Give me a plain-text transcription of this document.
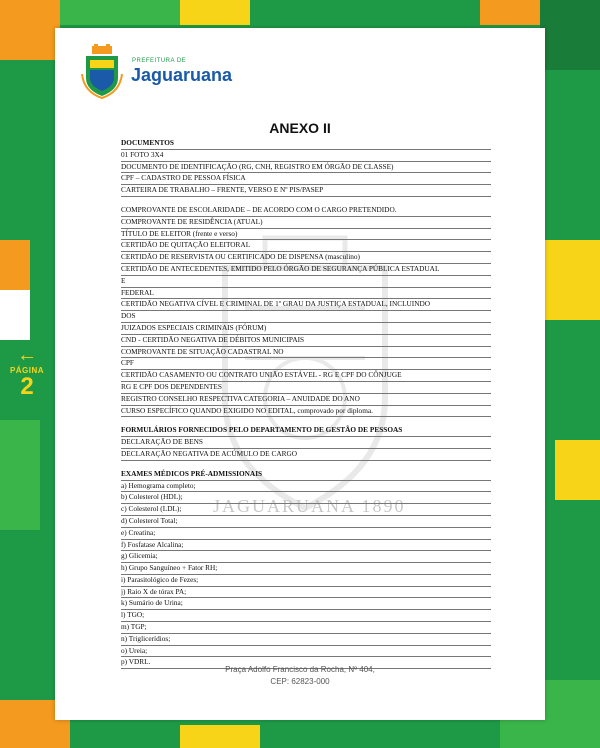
←
PÁGINA
2
PREFEITURA DE
Jaguaruana
JAGUARUANA 1890
ANEXO II
DOCUMENTOS
01 FOTO 3X4
DOCUMENTO DE IDENTIFICAÇÃO (RG, CNH, REGISTRO EM ÓRGÃO DE CLASSE)
CPF – CADASTRO DE PESSOA FÍSICA
CARTEIRA DE TRABALHO – FRENTE, VERSO E Nº PIS/PASEP
COMPROVANTE DE ESCOLARIDADE – DE ACORDO COM O CARGO PRETENDIDO.
COMPROVANTE DE RESIDÊNCIA (ATUAL)
TÍTULO DE ELEITOR (frente e verso)
CERTIDÃO DE QUITAÇÃO ELEITORAL
CERTIDÃO DE RESERVISTA OU CERTIFICADO DE DISPENSA (masculino)
CERTIDÃO DE ANTECEDENTES, EMITIDO PELO ÓRGÃO DE SEGURANÇA PÚBLICA ESTADUAL
E
FEDERAL
CERTIDÃO NEGATIVA CÍVEL E CRIMINAL DE 1º GRAU DA JUSTIÇA ESTADUAL, INCLUINDO
DOS
JUIZADOS ESPECIAIS CRIMINAIS (FÓRUM)
CND - CERTIDÃO NEGATIVA DE DÉBITOS MUNICIPAIS
COMPROVANTE DE SITUAÇÃO CADASTRAL NO
CPF
CERTIDÃO CASAMENTO OU CONTRATO UNIÃO ESTÁVEL - RG E CPF DO CÔNJUGE
RG E CPF DOS DEPENDENTES
REGISTRO CONSELHO RESPECTIVA CATEGORIA – ANUIDADE DO ANO
CURSO ESPECÍFICO QUANDO EXIGIDO NO EDITAL, comprovado por diploma.
FORMULÁRIOS FORNECIDOS PELO DEPARTAMENTO DE GESTÃO DE PESSOAS
DECLARAÇÃO DE BENS
DECLARAÇÃO NEGATIVA DE ACÚMULO DE CARGO
EXAMES MÉDICOS PRÉ-ADMISSIONAIS
a) Hemograma completo;
b) Colesterol (HDL);
c) Colesterol (LDL);
d) Colesterol Total;
e) Creatina;
f) Fosfatase Alcalina;
g) Glicemia;
h) Grupo Sanguíneo + Fator RH;
i) Parasitológico de Fezes;
j) Raio X de tórax PA;
k) Sumário de Urina;
l) TGO;
m) TGP;
n) Triglicerídios;
o) Ureia;
p) VDRL.
Praça Adolfo Francisco da Rocha, Nº 404,
CEP: 62823-000
